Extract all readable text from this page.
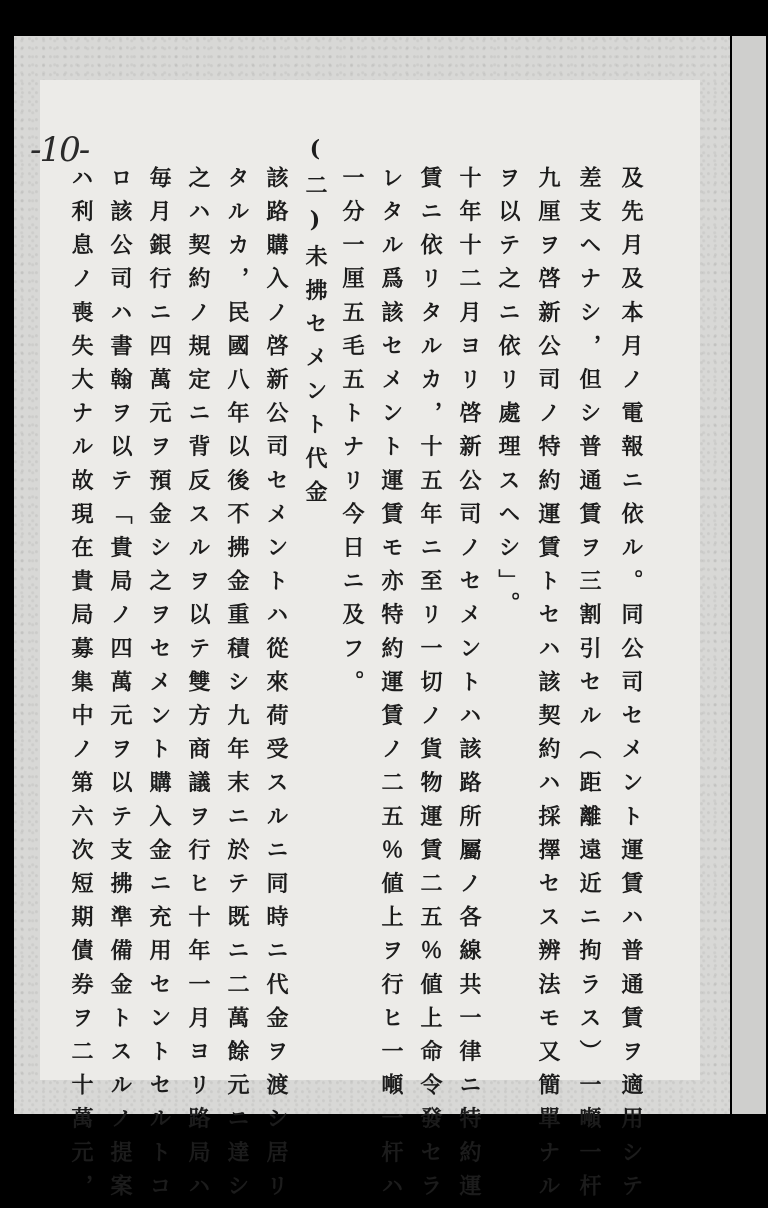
-10-
及先月及本月ノ電報ニ依ル。同公司セメント運賃ハ普通賃ヲ適用シテ
差支ヘナシ，但シ普通賃ヲ三割引セル（距離遠近ニ拘ラス）一噸一杆
九厘ヲ啓新公司ノ特約運賃トセハ該契約ハ採擇セス辨法モ又簡單ナル
ヲ以テ之ニ依リ處理スヘシ」。
十年十二月ヨリ啓新公司ノセメントハ該路所屬ノ各線共一律ニ特約運
賃ニ依リタルカ，十五年ニ至リ一切ノ貨物運賃二五％値上命令發セラ
レタル爲該セメント運賃モ亦特約運賃ノ二五％値上ヲ行ヒ一噸一杆ハ
一分一厘五毛五トナリ今日ニ及フ。
(二)未拂セメント代金
該路購入ノ啓新公司セメントハ從來荷受スルニ同時ニ代金ヲ渡シ居リ
タルカ，民國八年以後不拂金重積シ九年末ニ於テ既ニ二萬餘元ニ達シ
之ハ契約ノ規定ニ背反スルヲ以テ雙方商議ヲ行ヒ十年一月ヨリ路局ハ
毎月銀行ニ四萬元ヲ預金シ之ヲセメント購入金ニ充用セントセルトコ
ロ該公司ハ書翰ヲ以テ「貴局ノ四萬元ヲ以テ支拂準備金トスルノ提案
ハ利息ノ喪失大ナル故現在貴局募集中ノ第六次短期債券ヲ二十萬元，
